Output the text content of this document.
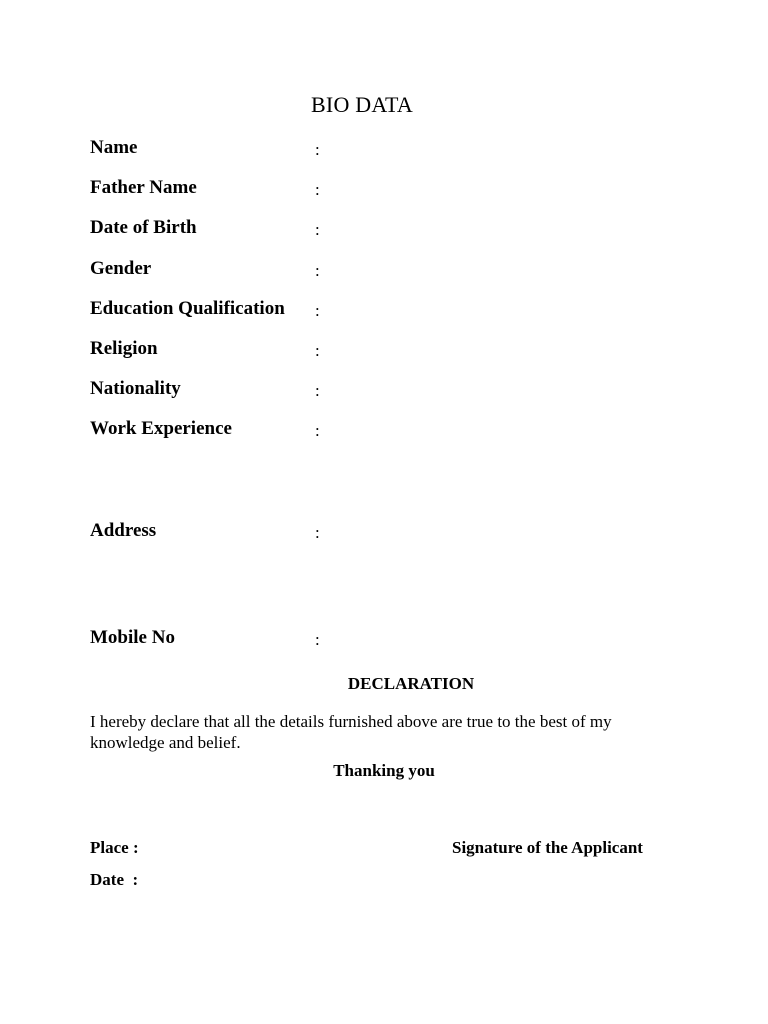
BIO DATA
Name	:
Father Name	:
Date of Birth	:
Gender	:
Education Qualification :
Religion	:
Nationality	:
Work Experience	:
Address	:
Mobile No	:
DECLARATION
I hereby declare that all the details furnished above are true to the best of my knowledge and belief.
Thanking you
Place :
Date  :
Signature of the Applicant
